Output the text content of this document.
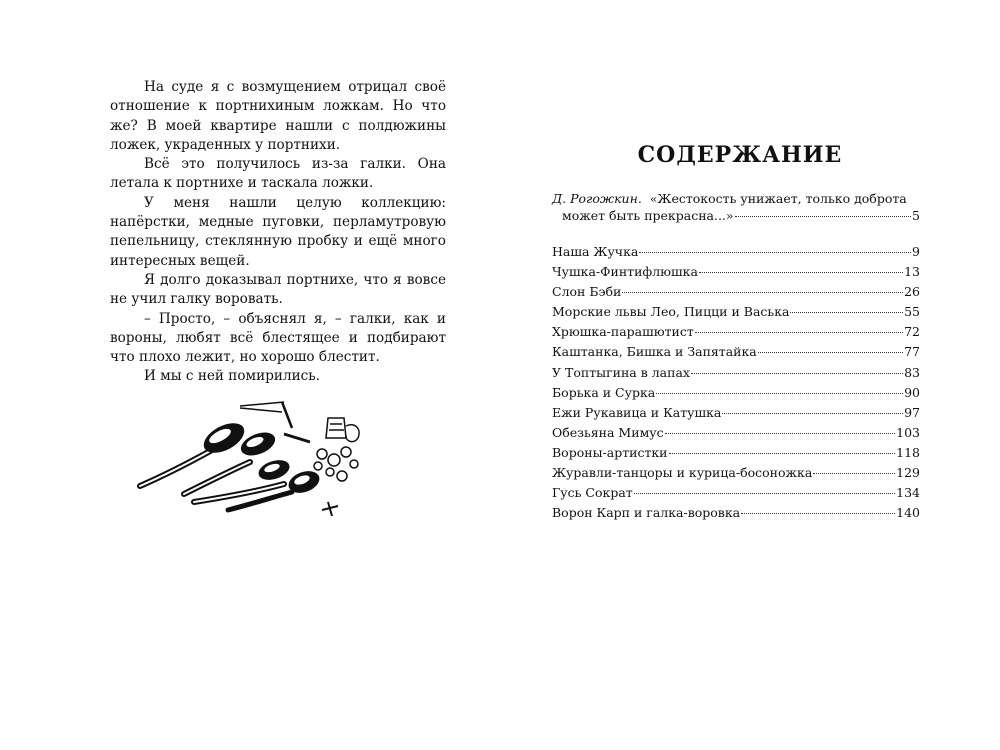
На суде я с возмущением отрицал своё отношение к портнихиным ложкам. Но что же? В моей квартире нашли с полдюжины ложек, украденных у портнихи.

Всё это получилось из-за галки. Она летала к портнихе и таскала ложки.

У меня нашли целую коллекцию: напёрстки, медные пуговки, перламутровую пепельницу, стеклянную пробку и ещё много интересных вещей.

Я долго доказывал портнихе, что я вовсе не учил галку воровать.

– Просто, – объяснял я, – галки, как и вороны, любят всё блестящее и подбирают что плохо лежит, но хорошо блестит.

И мы с ней помирились.

СОДЕРЖАНИЕ
Д. Рогожкин. «Жестокость унижает, только доброта
может быть прекрасна...»	5
Наша Жучка	9
Чушка-Финтифлюшка	13
Слон Бэби	26
Морские львы Лео, Пицци и Васька	55
Хрюшка-парашютист	72
Каштанка, Бишка и Запятайка	77
У Топтыгина в лапах	83
Борька и Сурка	90
Ежи Рукавица и Катушка	97
Обезьяна Мимус	103
Вороны-артистки	118
Журавли-танцоры и курица-босоножка	129
Гусь Сократ	134
Ворон Карп и галка-воровка	140
